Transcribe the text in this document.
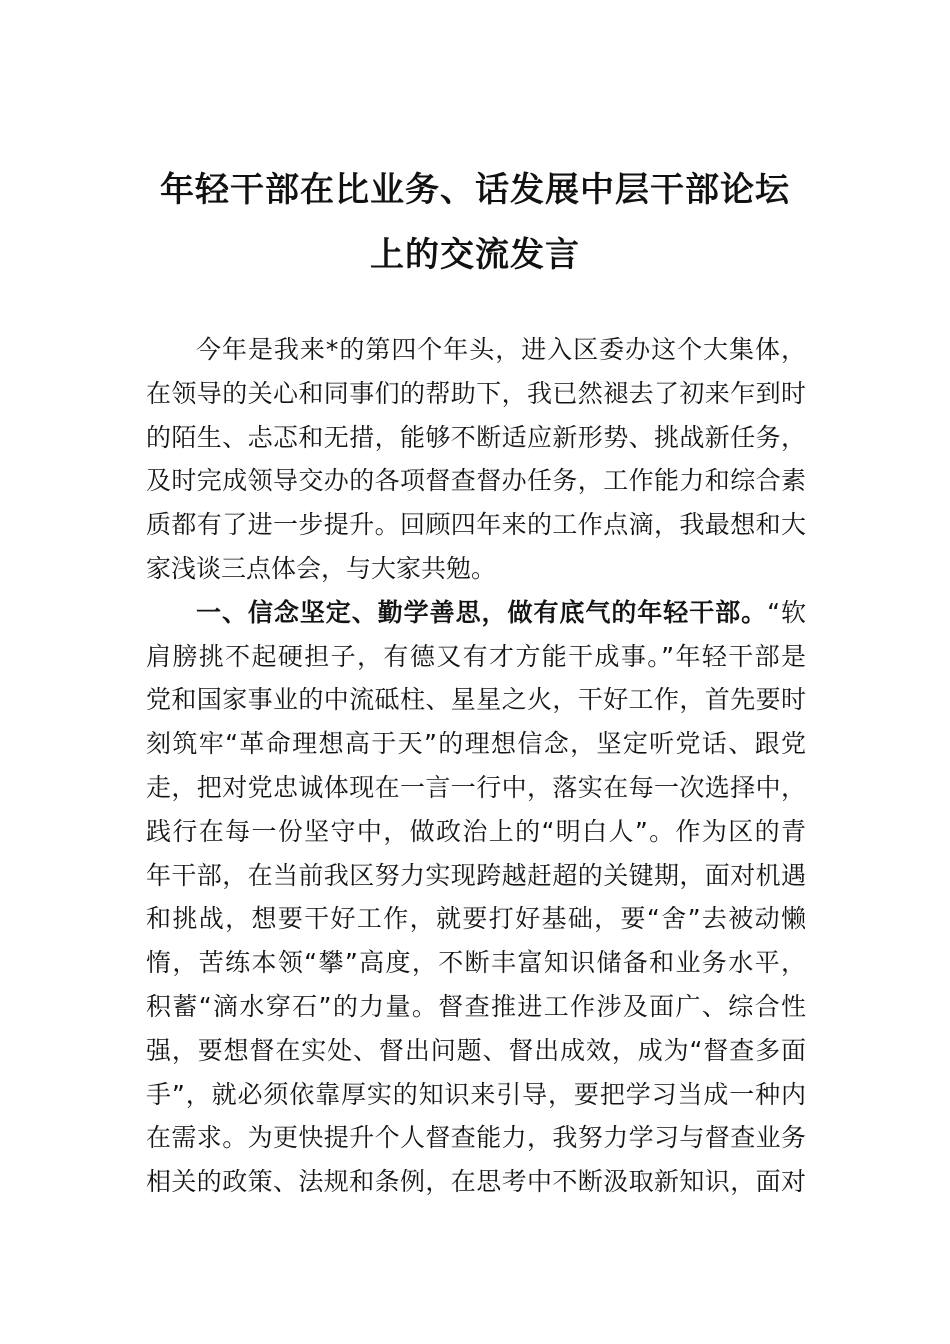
年轻干部在比业务、话发展中层干部论坛
上的交流发言
今年是我来*的第四个年头，进入区委办这个大集体，
在领导的关心和同事们的帮助下，我已然褪去了初来乍到时
的陌生、忐忑和无措，能够不断适应新形势、挑战新任务，
及时完成领导交办的各项督查督办任务，工作能力和综合素
质都有了进一步提升。回顾四年来的工作点滴，我最想和大
家浅谈三点体会，与大家共勉。
一、信念坚定、勤学善思，做有底气的年轻干部。“软
肩膀挑不起硬担子，有德又有才方能干成事。”年轻干部是
党和国家事业的中流砥柱、星星之火，干好工作，首先要时
刻筑牢“革命理想高于天”的理想信念，坚定听党话、跟党
走，把对党忠诚体现在一言一行中，落实在每一次选择中，
践行在每一份坚守中，做政治上的“明白人”。作为区的青
年干部，在当前我区努力实现跨越赶超的关键期，面对机遇
和挑战，想要干好工作，就要打好基础，要“舍”去被动懒
惰，苦练本领“攀”高度，不断丰富知识储备和业务水平，
积蓄“滴水穿石”的力量。督查推进工作涉及面广、综合性
强，要想督在实处、督出问题、督出成效，成为“督查多面
手”，就必须依靠厚实的知识来引导，要把学习当成一种内
在需求。为更快提升个人督查能力，我努力学习与督查业务
相关的政策、法规和条例，在思考中不断汲取新知识，面对
